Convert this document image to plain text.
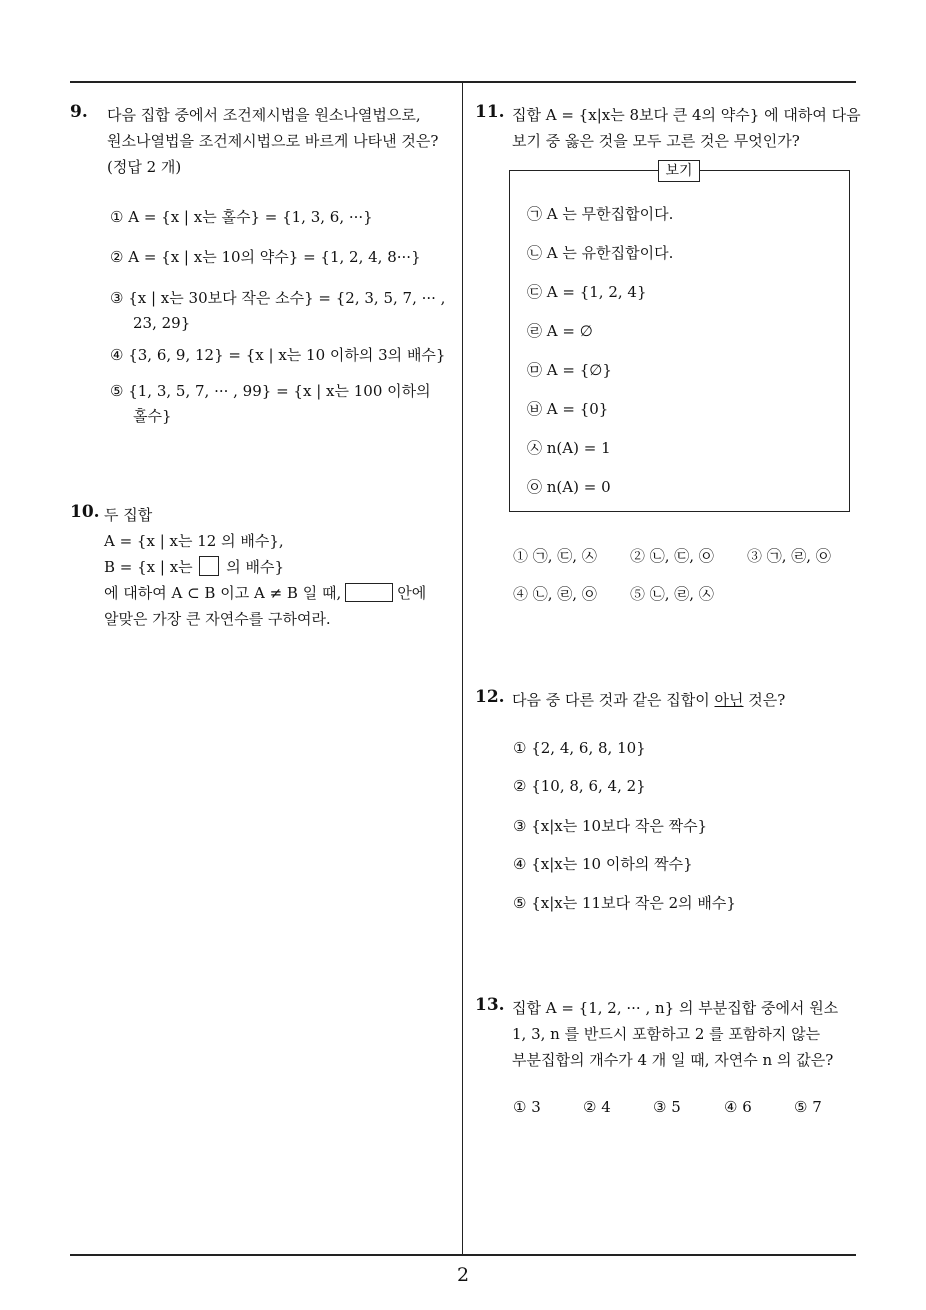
9. 다음 집합 중에서 조건제시법을 원소나열법으로,
원소나열법을 조건제시법으로 바르게 나타낸 것은?
(정답 2 개)
① A = {x | x는 홀수} = {1, 3, 6, ···}
② A = {x | x는 10의 약수} = {1, 2, 4, 8···}
③ {x | x는 30보다 작은 소수} = {2, 3, 5, 7, ··· ,
23, 29}
④ {3, 6, 9, 12} = {x | x는 10 이하의 3의 배수}
⑤ {1, 3, 5, 7, ··· , 99} = {x | x는 100 이하의
홀수}
10. 두 집합
A = {x | x는 12 의 배수},
B = {x | x는 의 배수}
에 대하여 A ⊂ B 이고 A ≠ B 일 때,	안에
알맞은 가장 큰 자연수를 구하여라.
11. 집합 A = {x|x는 8보다 큰 4의 약수} 에 대하여 다음
보기 중 옳은 것을 모두 고른 것은 무엇인가?
보기
㉠ A 는 무한집합이다.
㉡ A 는 유한집합이다.
㉢ A = {1, 2, 4}
㉣ A = ∅
㉤ A = {∅}
㉥ A = {0}
㉦ n(A) = 1
㉧ n(A) = 0
① ㉠, ㉢, ㉦ ② ㉡, ㉢, ㉧ ③ ㉠, ㉣, ㉧
④ ㉡, ㉣, ㉧ ⑤ ㉡, ㉣, ㉦
12. 다음 중 다른 것과 같은 집합이 아닌 것은?
① {2, 4, 6, 8, 10}
② {10, 8, 6, 4, 2}
③ {x|x는 10보다 작은 짝수}
④ {x|x는 10 이하의 짝수}
⑤ {x|x는 11보다 작은 2의 배수}
13. 집합 A = {1, 2, ··· , n} 의 부분집합 중에서 원소
1, 3, n 를 반드시 포함하고 2 를 포함하지 않는
부분집합의 개수가 4 개 일 때, 자연수 n 의 값은?
① 3	② 4	③ 5	④ 6	⑤ 7
2
